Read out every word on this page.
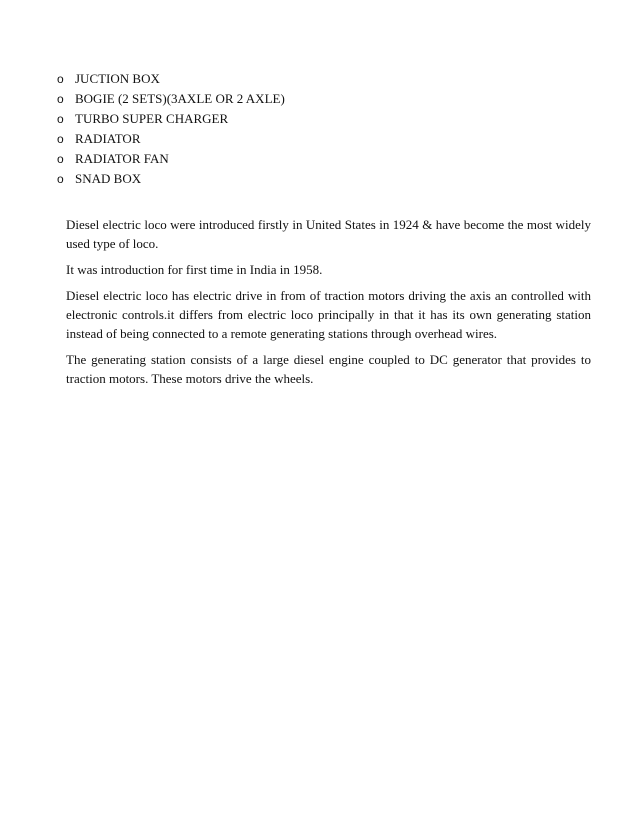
o JUCTION BOX
o BOGIE (2 SETS)(3AXLE OR 2 AXLE)
o TURBO SUPER CHARGER
o RADIATOR
o RADIATOR FAN
o SNAD BOX

Diesel electric loco were introduced firstly in United States in 1924 & have become the most widely used type of loco.

It was introduction for first time in India in 1958.

Diesel electric loco has electric drive in from of traction motors driving the axis an controlled with electronic controls.it differs from electric loco principally in that it has its own generating station instead of being connected to a remote generating stations through overhead wires.

The generating station consists of a large diesel engine coupled to DC generator that provides to traction motors. These motors drive the wheels.
